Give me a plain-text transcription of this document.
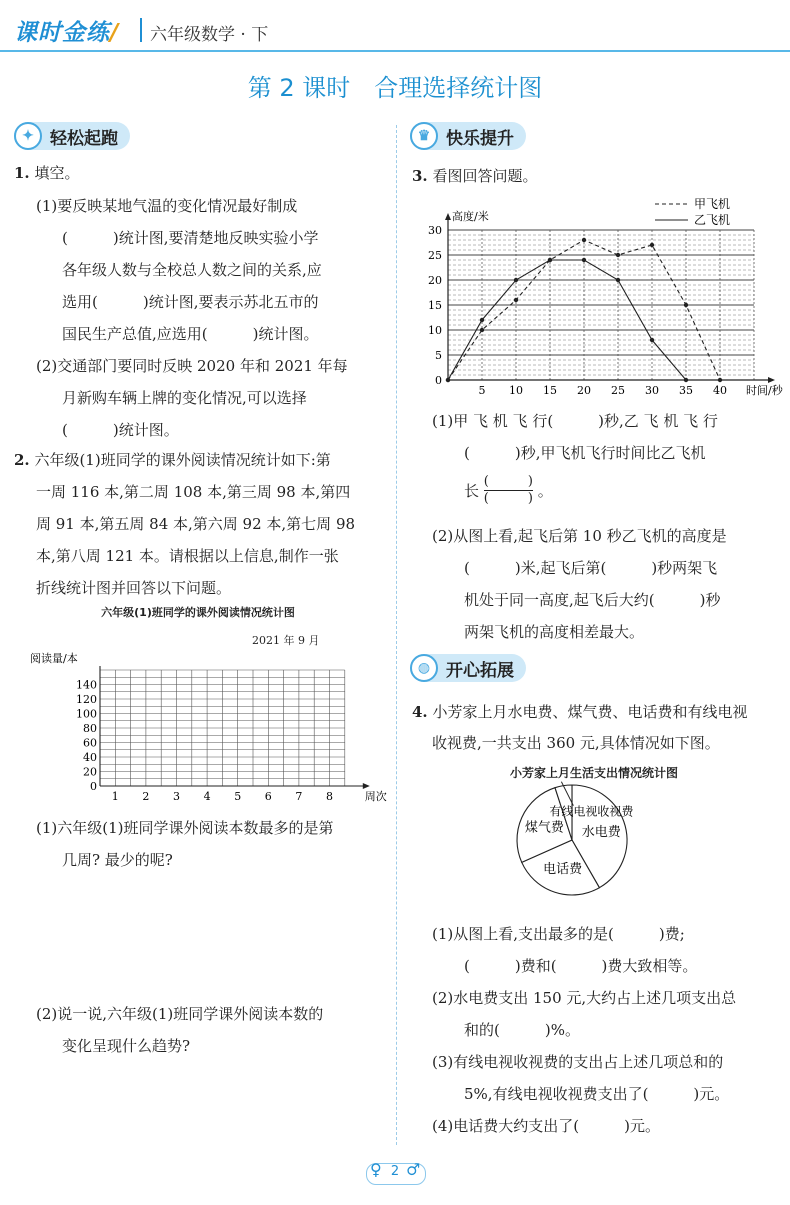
课时金练/ 六年级数学 · 下
第 2 课时　合理选择统计图
✦ 轻松起跑	♛ 快乐提升
◍ 开心拓展
1. 填空。
(1)要反映某地气温的变化情况最好制成
(　　　)统计图,要清楚地反映实验小学
各年级人数与全校总人数之间的关系,应
选用(　　　)统计图,要表示苏北五市的
国民生产总值,应选用(　　　)统计图。
(2)交通部门要同时反映 2020 年和 2021 年每
月新购车辆上牌的变化情况,可以选择
(　　　)统计图。
2. 六年级(1)班同学的课外阅读情况统计如下:第
一周 116 本,第二周 108 本,第三周 98 本,第四
周 91 本,第五周 84 本,第六周 92 本,第七周 98
本,第八周 121 本。请根据以上信息,制作一张
折线统计图并回答以下问题。
六年级(1)班同学的课外阅读情况统计图
2021 年 9 月
0
20
40
60
80
100
120
140
1 2 3 4 5 6 7 8
阅读量/本
周次
(1)六年级(1)班同学课外阅读本数最多的是第
几周? 最少的呢?
(2)说一说,六年级(1)班同学课外阅读本数的
变化呈现什么趋势?
3. 看图回答问题。
0
5
10
15
20
25
30
5 10 15 20 25 30 35 40
高度/米
时间/秒
甲飞机
乙飞机
(1)甲 飞 机 飞 行(　　　)秒,乙 飞 机 飞 行
(　　　)秒,甲飞机飞行时间比乙飞机
长
(　　　)
(　　　) 。
(2)从图上看,起飞后第 10 秒乙飞机的高度是
(　　　)米,起飞后第(　　　)秒两架飞
机处于同一高度,起飞后大约(　　　)秒
两架飞机的高度相差最大。
4. 小芳家上月水电费、煤气费、电话费和有线电视
收视费,一共支出 360 元,具体情况如下图。
小芳家上月生活支出情况统计图
水电费
电话费
煤气费
有线电视收视费
(1)从图上看,支出最多的是(　　　)费;
(　　　)费和(　　　)费大致相等。
(2)水电费支出 150 元,大约占上述几项支出总
和的(　　　)%。
(3)有线电视收视费的支出占上述几项总和的
5%,有线电视收视费支出了(　　　)元。
(4)电话费大约支出了(　　　)元。
♀ ♂
2
